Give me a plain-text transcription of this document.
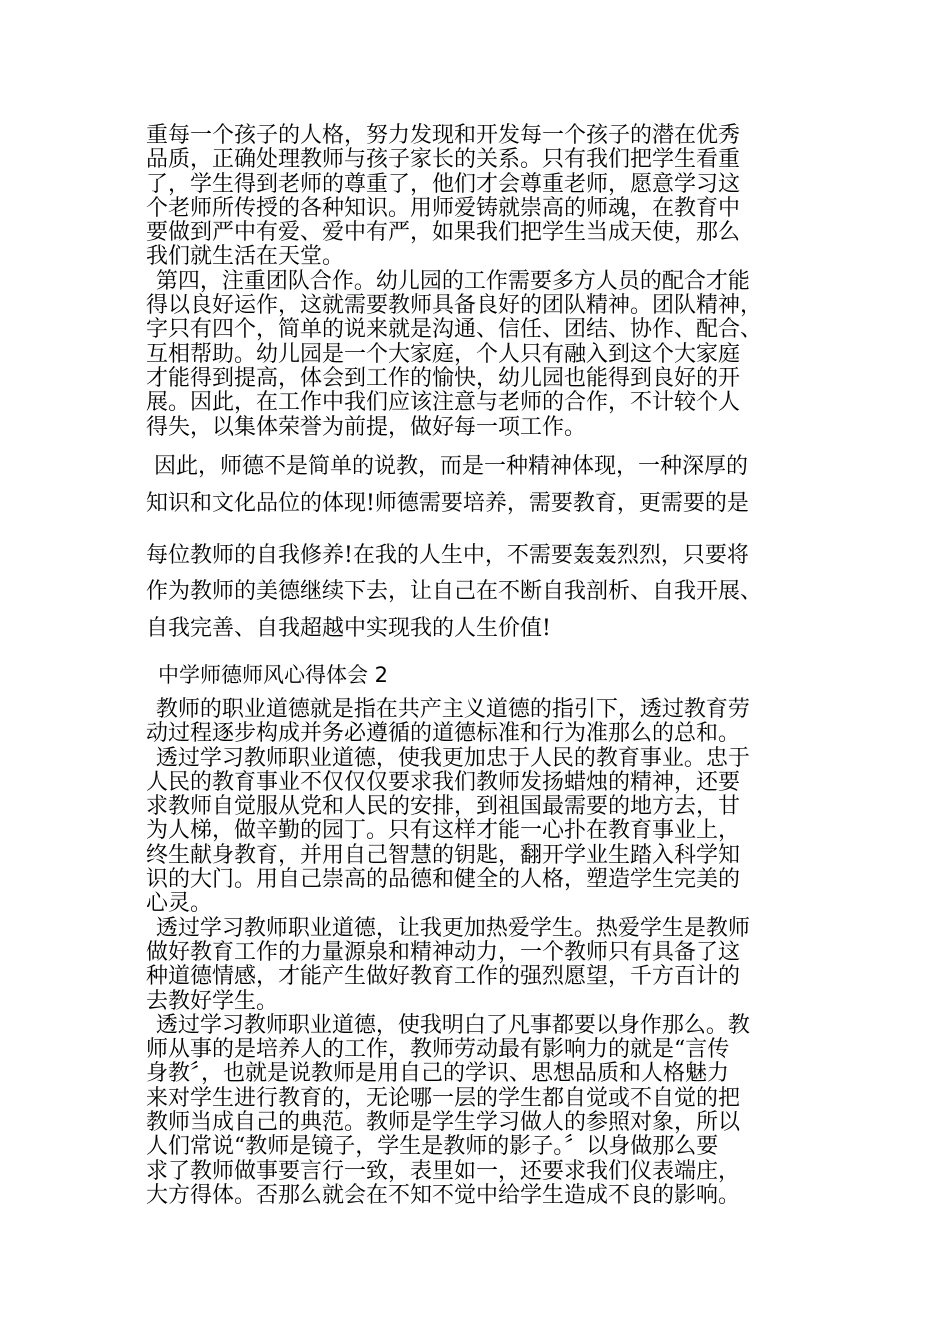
重每一个孩子的人格，努力发现和开发每一个孩子的潜在优秀
品质，正确处理教师与孩子家长的关系。只有我们把学生看重
了，学生得到老师的尊重了，他们才会尊重老师，愿意学习这
个老师所传授的各种知识。用师爱铸就崇高的师魂，在教育中
要做到严中有爱、爱中有严，如果我们把学生当成天使，那么
我们就生活在天堂。

第四，注重团队合作。幼儿园的工作需要多方人员的配合才能
得以良好运作，这就需要教师具备良好的团队精神。团队精神，
字只有四个，简单的说来就是沟通、信任、团结、协作、配合、
互相帮助。幼儿园是一个大家庭，个人只有融入到这个大家庭
才能得到提高，体会到工作的愉快，幼儿园也能得到良好的开
展。因此，在工作中我们应该注意与老师的合作，不计较个人
得失，以集体荣誉为前提，做好每一项工作。

因此，师德不是简单的说教，而是一种精神体现，一种深厚的

知识和文化品位的体现!师德需要培养，需要教育，更需要的是

每位教师的自我修养!在我的人生中，不需要轰轰烈烈，只要将

作为教师的美德继续下去，让自己在不断自我剖析、自我开展、

自我完善、自我超越中实现我的人生价值!

中学师德师风心得体会 2

教师的职业道德就是指在共产主义道德的指引下，透过教育劳
动过程逐步构成并务必遵循的道德标准和行为准那么的总和。

透过学习教师职业道德，使我更加忠于人民的教育事业。忠于
人民的教育事业不仅仅仅要求我们教师发扬蜡烛的精神，还要
求教师自觉服从党和人民的安排，到祖国最需要的地方去，甘
为人梯，做辛勤的园丁。只有这样才能一心扑在教育事业上，
终生献身教育，并用自己智慧的钥匙，翻开学业生踏入科学知
识的大门。用自己崇高的品德和健全的人格，塑造学生完美的
心灵。

透过学习教师职业道德，让我更加热爱学生。热爱学生是教师
做好教育工作的力量源泉和精神动力，一个教师只有具备了这
种道德情感，才能产生做好教育工作的强烈愿望，千方百计的
去教好学生。

透过学习教师职业道德，使我明白了凡事都要以身作那么。教
师从事的是培养人的工作，教师劳动最有影响力的就是“言传
身教〞，也就是说教师是用自己的学识、思想品质和人格魅力
来对学生进行教育的，无论哪一层的学生都自觉或不自觉的把
教师当成自己的典范。教师是学生学习做人的参照对象，所以
人们常说“教师是镜子，学生是教师的影子。〞以身做那么要
求了教师做事要言行一致，表里如一，还要求我们仪表端庄，
大方得体。否那么就会在不知不觉中给学生造成不良的影响。
